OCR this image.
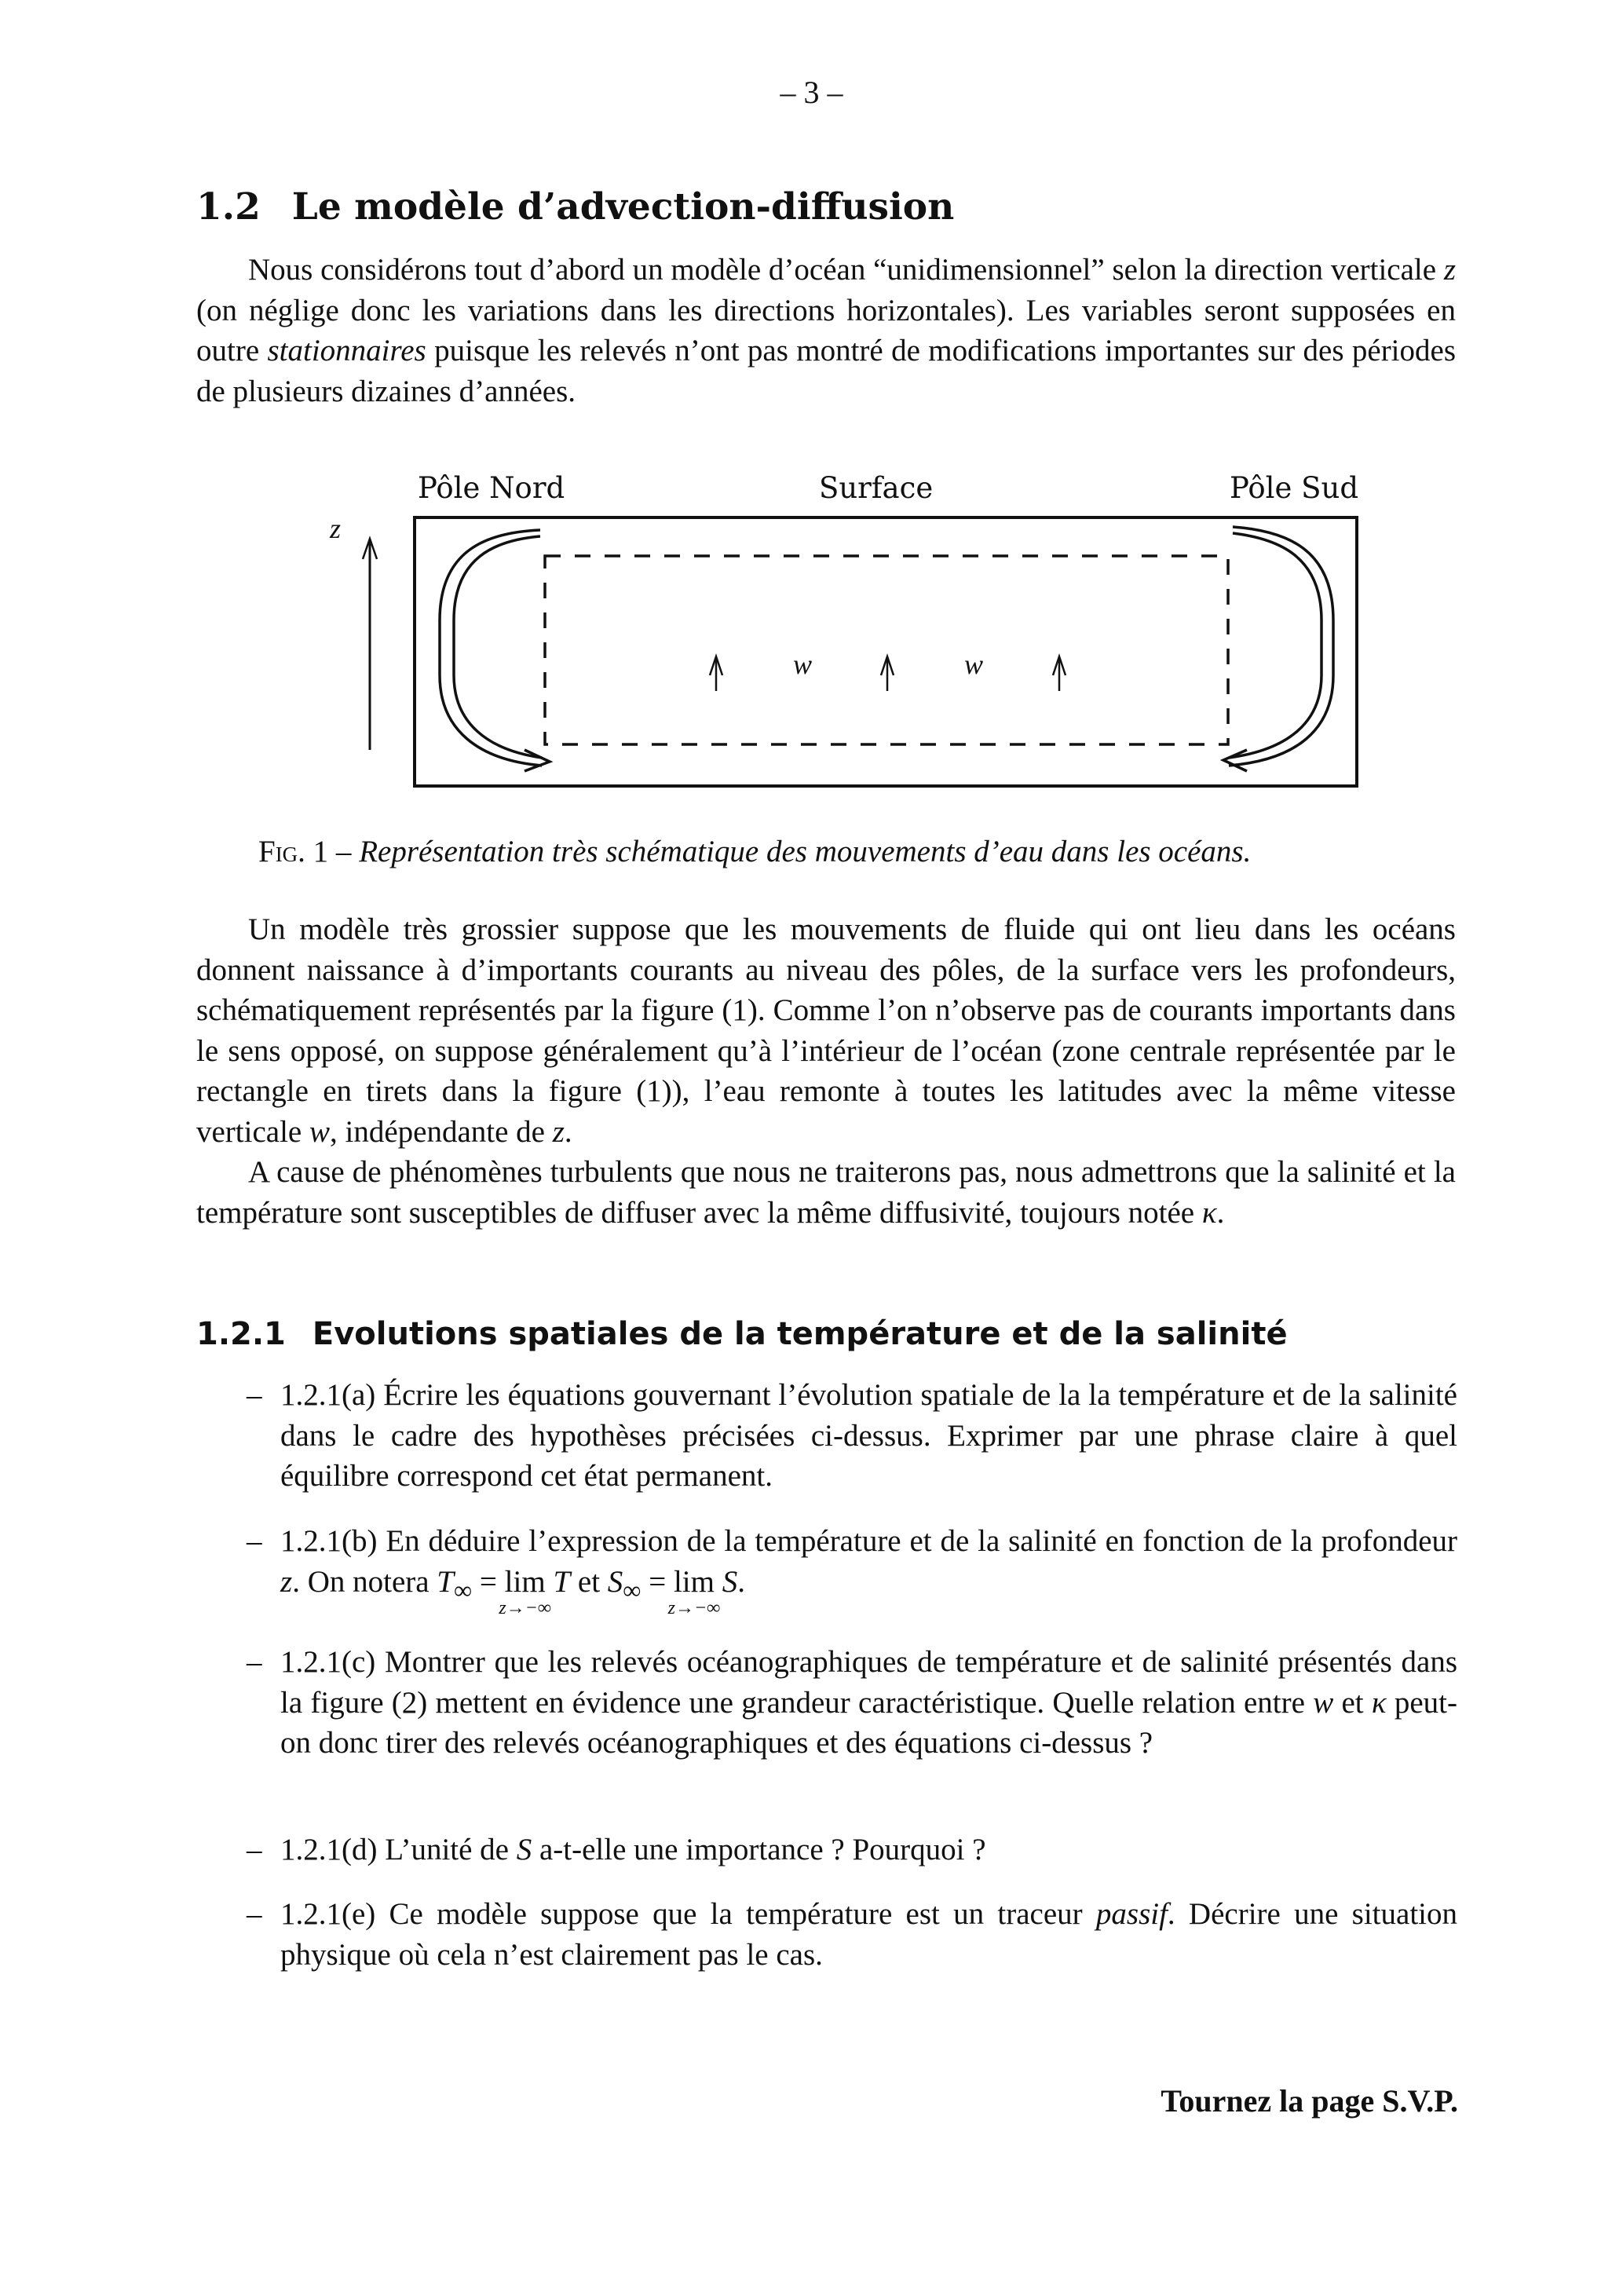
– 3 –
1.2 Le modèle d’advection-diffusion
Nous considérons tout d’abord un modèle d’océan “unidimensionnel” selon la direction verticale z (on néglige donc les variations dans les directions horizontales). Les variables seront supposées en outre stationnaires puisque les relevés n’ont pas montré de modifications importantes sur des périodes de plusieurs dizaines d’années.
Pôle Nord	Surface	Pôle Sud
z
w	w
Fig. 1 – Représentation très schématique des mouvements d’eau dans les océans.
Un modèle très grossier suppose que les mouvements de fluide qui ont lieu dans les océans donnent naissance à d’importants courants au niveau des pôles, de la surface vers les profondeurs, schématiquement représentés par la figure (1). Comme l’on n’observe pas de courants importants dans le sens opposé, on suppose généralement qu’à l’intérieur de l’océan (zone centrale représentée par le rectangle en tirets dans la figure (1)), l’eau remonte à toutes les latitudes avec la même vitesse verticale w, indépendante de z.
A cause de phénomènes turbulents que nous ne traiterons pas, nous admettrons que la salinité et la température sont susceptibles de diffuser avec la même diffusivité, toujours notée κ.
1.2.1 Evolutions spatiales de la température et de la salinité
– 1.2.1(a) Écrire les équations gouvernant l’évolution spatiale de la la température et de la salinité dans le cadre des hypothèses précisées ci-dessus. Exprimer par une phrase claire à quel équilibre correspond cet état permanent.
– 1.2.1(b) En déduire l’expression de la température et de la salinité en fonction de la profondeur z. On notera $T_\infty = \lim$
z→−∞
T et $S_\infty = \lim$
z→−∞
S.
– 1.2.1(c) Montrer que les relevés océanographiques de température et de salinité présentés dans la figure (2) mettent en évidence une grandeur caractéristique. Quelle relation entre w et κ peut-on donc tirer des relevés océanographiques et des équations ci-dessus ?
– 1.2.1(d) L’unité de S a-t-elle une importance ? Pourquoi ?
– 1.2.1(e) Ce modèle suppose que la température est un traceur passif. Décrire une situation physique où cela n’est clairement pas le cas.
Tournez la page S.V.P.
